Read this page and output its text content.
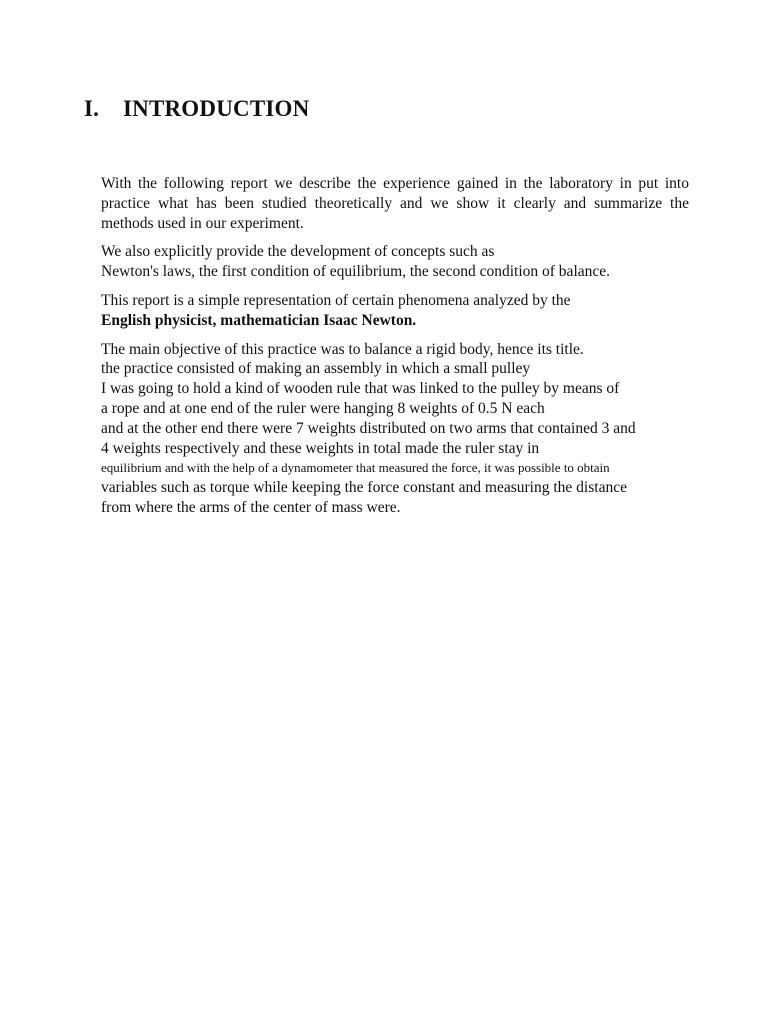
I. INTRODUCTION

With the following report we describe the experience gained in the laboratory in put into practice what has been studied theoretically and we show it clearly and summarize the methods used in our experiment.

We also explicitly provide the development of concepts such as
Newton's laws, the first condition of equilibrium, the second condition of balance.
This report is a simple representation of certain phenomena analyzed by the
English physicist, mathematician Isaac Newton.
The main objective of this practice was to balance a rigid body, hence its title.
the practice consisted of making an assembly in which a small pulley
I was going to hold a kind of wooden rule that was linked to the pulley by means of
a rope and at one end of the ruler were hanging 8 weights of 0.5 N each
and at the other end there were 7 weights distributed on two arms that contained 3 and
4 weights respectively and these weights in total made the ruler stay in
equilibrium and with the help of a dynamometer that measured the force, it was possible to obtain
variables such as torque while keeping the force constant and measuring the distance
from where the arms of the center of mass were.
